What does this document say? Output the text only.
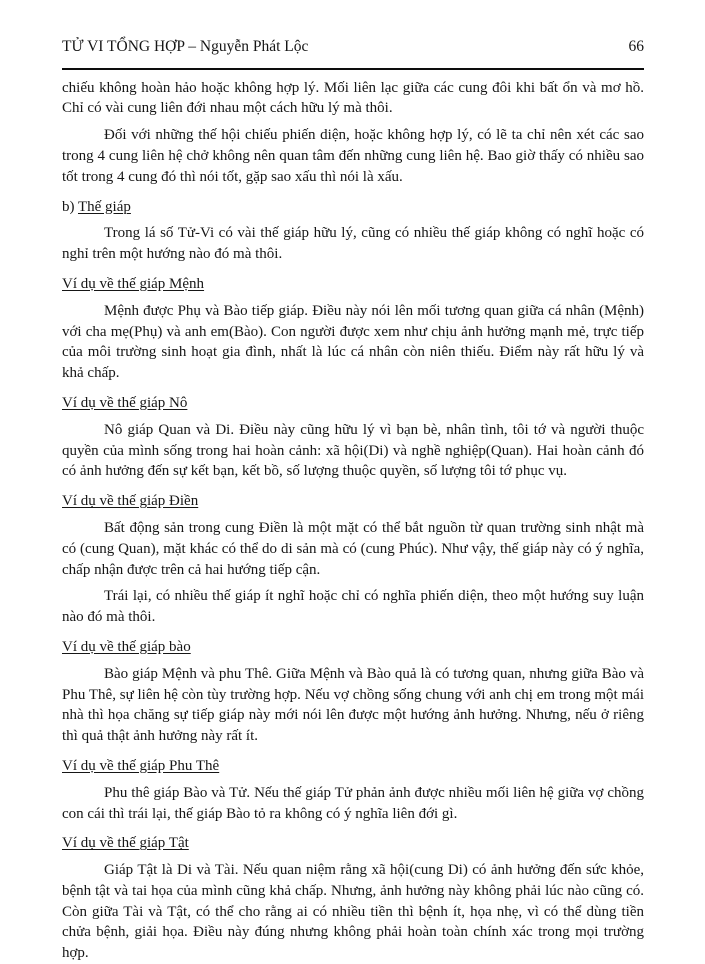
TỬ VI TỔNG HỢP – Nguyễn Phát Lộc	66

chiếu không hoàn hảo hoặc không hợp lý. Mối liên lạc giữa các cung đôi khi bất ổn và mơ hồ. Chỉ có vài cung liên đới nhau một cách hữu lý mà thôi.

Đối với những thế hội chiếu phiến diện, hoặc không hợp lý, có lẽ ta chỉ nên xét các sao trong 4 cung liên hệ chở không nên quan tâm đến những cung liên hệ. Bao giờ thấy có nhiều sao tốt trong 4 cung đó thì nói tốt, gặp sao xấu thì nói là xấu.

b) Thế giáp

Trong lá số Tử-Vi có vài thế giáp hữu lý, cũng có nhiều thế giáp không có nghĩ hoặc có nghỉ trên một hướng nào đó mà thôi.

Ví dụ về thế giáp Mệnh

Mệnh được Phụ và Bào tiếp giáp. Điều này nói lên mối tương quan giữa cá nhân (Mệnh) với cha mẹ(Phụ) và anh em(Bào). Con người được xem như chịu ảnh hưởng mạnh mẻ, trực tiếp của môi trường sinh hoạt gia đình, nhất là lúc cá nhân còn niên thiếu. Điểm này rất hữu lý và khả chấp.

Ví dụ về thế giáp Nô

Nô giáp Quan và Di. Điều này cũng hữu lý vì bạn bè, nhân tình, tôi tớ và người thuộc quyền của mình sống trong hai hoàn cảnh: xã hội(Di) và nghề nghiệp(Quan). Hai hoàn cảnh đó có ảnh hưởng đến sự kết bạn, kết bồ, số lượng thuộc quyền, số lượng tôi tớ phục vụ.

Ví dụ về thế giáp Điền

Bất động sản trong cung Điền là một mặt có thể bắt nguồn từ quan trường sinh nhật mà có (cung Quan), mặt khác có thể do di sản mà có (cung Phúc). Như vậy, thế giáp này có ý nghĩa, chấp nhận được trên cả hai hướng tiếp cận.

Trái lại, có nhiều thế giáp ít nghĩ hoặc chỉ có nghĩa phiến diện, theo một hướng suy luận nào đó mà thôi.

Ví dụ về thế giáp bào

Bào giáp Mệnh và phu Thê. Giữa Mệnh và Bào quả là có tương quan, nhưng giữa Bào và Phu Thê, sự liên hệ còn tùy trường hợp. Nếu vợ chồng sống chung với anh chị em trong một mái nhà thì họa chăng sự tiếp giáp này mới nói lên được một hướng ảnh hưởng. Nhưng, nếu ở riêng thì quả thật ảnh hưởng này rất ít.

Ví dụ về thế giáp Phu Thê

Phu thê giáp Bào và Tử. Nếu thế giáp Tử phản ảnh được nhiều mối liên hệ giữa vợ chồng con cái thì trái lại, thế giáp Bào tỏ ra không có ý nghĩa liên đới gì.

Ví dụ về thế giáp Tật

Giáp Tật là Di và Tài. Nếu quan niệm rằng xã hội(cung Di) có ảnh hưởng đến sức khỏe, bệnh tật và tai họa của mình cũng khả chấp. Nhưng, ảnh hưởng này không phải lúc nào cũng có. Còn giữa Tài và Tật, có thể cho rằng ai có nhiều tiền thì bệnh ít, họa nhẹ, vì có thể dùng tiền chửa bệnh, giải họa. Điều này đúng nhưng không phải hoàn toàn chính xác trong mọi trường hợp.
